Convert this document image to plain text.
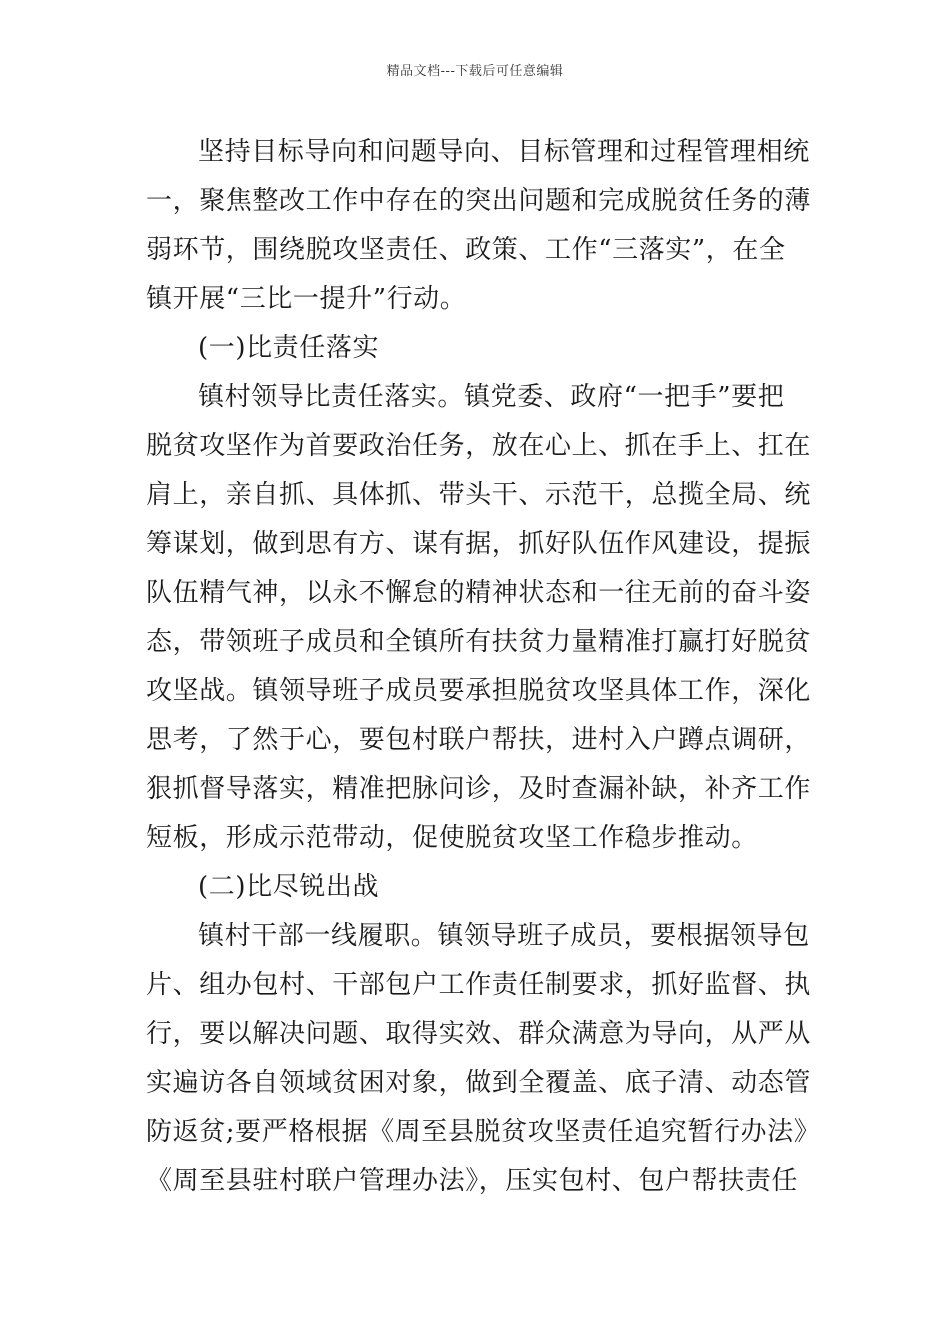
精品文档---下载后可任意编辑

坚持目标导向和问题导向、目标管理和过程管理相统
一，聚焦整改工作中存在的突出问题和完成脱贫任务的薄
弱环节，围绕脱攻坚责任、政策、工作“三落实”，在全
镇开展“三比一提升”行动。

(一)比责任落实

镇村领导比责任落实。镇党委、政府“一把手”要把
脱贫攻坚作为首要政治任务，放在心上、抓在手上、扛在
肩上，亲自抓、具体抓、带头干、示范干，总揽全局、统
筹谋划，做到思有方、谋有据，抓好队伍作风建设，提振
队伍精气神，以永不懈怠的精神状态和一往无前的奋斗姿
态，带领班子成员和全镇所有扶贫力量精准打赢打好脱贫
攻坚战。镇领导班子成员要承担脱贫攻坚具体工作，深化
思考，了然于心，要包村联户帮扶，进村入户蹲点调研，
狠抓督导落实，精准把脉问诊，及时查漏补缺，补齐工作
短板，形成示范带动，促使脱贫攻坚工作稳步推动。

(二)比尽锐出战

镇村干部一线履职。镇领导班子成员，要根据领导包
片、组办包村、干部包户工作责任制要求，抓好监督、执
行，要以解决问题、取得实效、群众满意为导向，从严从
实遍访各自领域贫困对象，做到全覆盖、底子清、动态管
防返贫;要严格根据《周至县脱贫攻坚责任追究暂行办法》
《周至县驻村联户管理办法》，压实包村、包户帮扶责任
